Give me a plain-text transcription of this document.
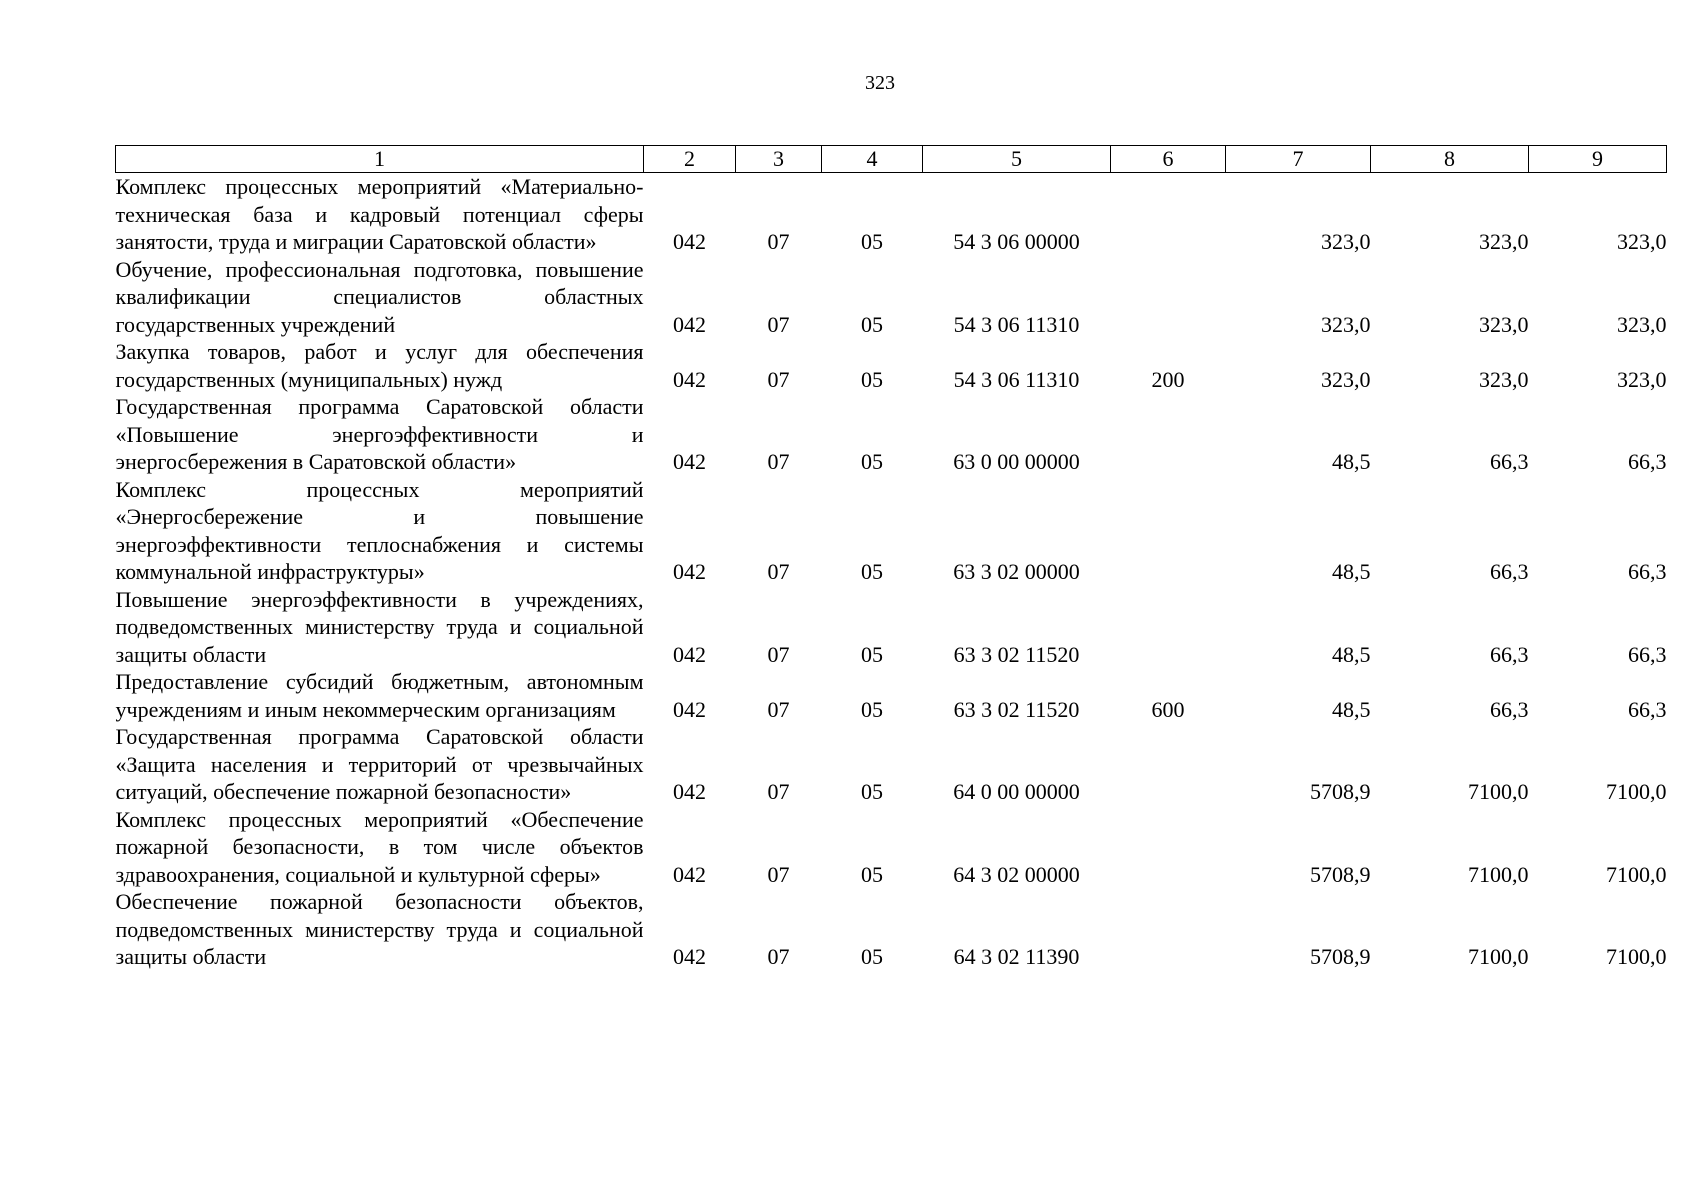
323
1	2	3	4	5	6	7	8	9
Комплекс процессных мероприятий «Материально-техническая база и кадровый потенциал сферы занятости, труда и миграции Саратовской области»	042	07	05	54 3 06 00000		323,0	323,0	323,0
Обучение, профессиональная подготовка, повышение квалификации специалистов областных государственных учреждений	042	07	05	54 3 06 11310		323,0	323,0	323,0
Закупка товаров, работ и услуг для обеспечения государственных (муниципальных) нужд	042	07	05	54 3 06 11310	200	323,0	323,0	323,0
Государственная программа Саратовской области «Повышение энергоэффективности и энергосбережения в Саратовской области»	042	07	05	63 0 00 00000		48,5	66,3	66,3
Комплекс процессных мероприятий «Энергосбережение и повышение энергоэффективности теплоснабжения и системы коммунальной инфраструктуры»	042	07	05	63 3 02 00000		48,5	66,3	66,3
Повышение энергоэффективности в учреждениях, подведомственных министерству труда и социальной защиты области	042	07	05	63 3 02 11520		48,5	66,3	66,3
Предоставление субсидий бюджетным, автономным учреждениям и иным некоммерческим организациям	042	07	05	63 3 02 11520	600	48,5	66,3	66,3
Государственная программа Саратовской области «Защита населения и территорий от чрезвычайных ситуаций, обеспечение пожарной безопасности»	042	07	05	64 0 00 00000		5708,9	7100,0	7100,0
Комплекс процессных мероприятий «Обеспечение пожарной безопасности, в том числе объектов здравоохранения, социальной и культурной сферы»	042	07	05	64 3 02 00000		5708,9	7100,0	7100,0
Обеспечение пожарной безопасности объектов, подведомственных министерству труда и социальной защиты области	042	07	05	64 3 02 11390		5708,9	7100,0	7100,0
